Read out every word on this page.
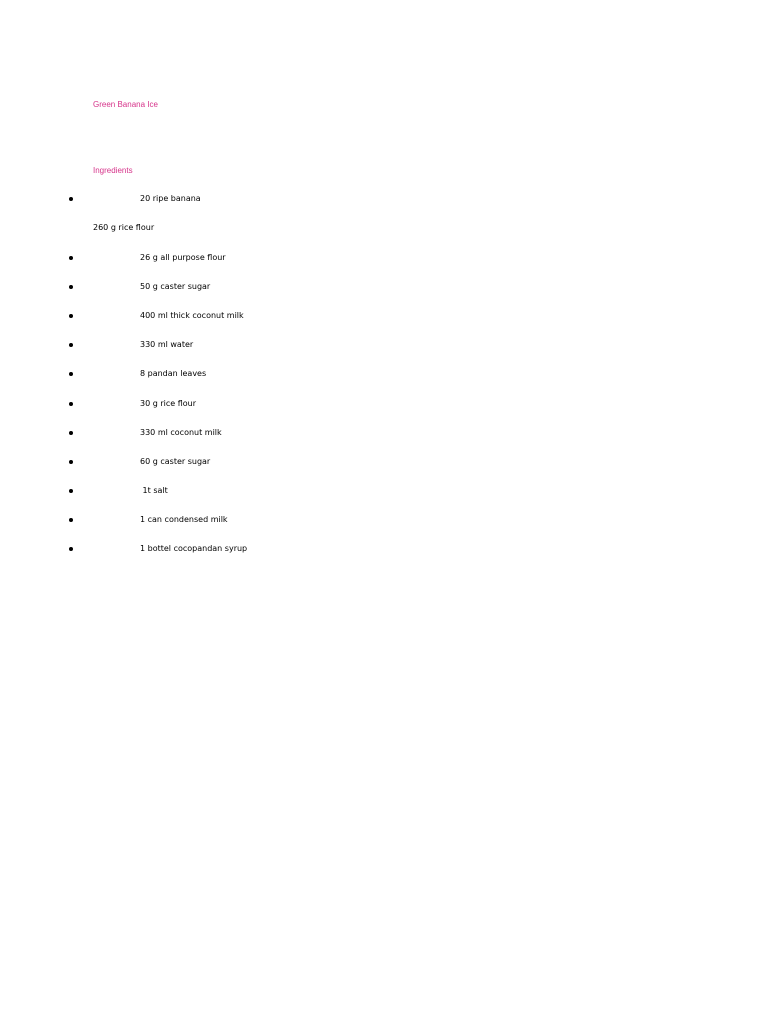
Green Banana Ice
Ingredients
20 ripe banana
260 g rice flour
26 g all purpose flour
50 g caster sugar
400 ml thick coconut milk
330 ml water
8 pandan leaves
30 g rice flour
330 ml coconut milk
60 g caster sugar
1t salt
1 can condensed milk
1 bottel cocopandan syrup
